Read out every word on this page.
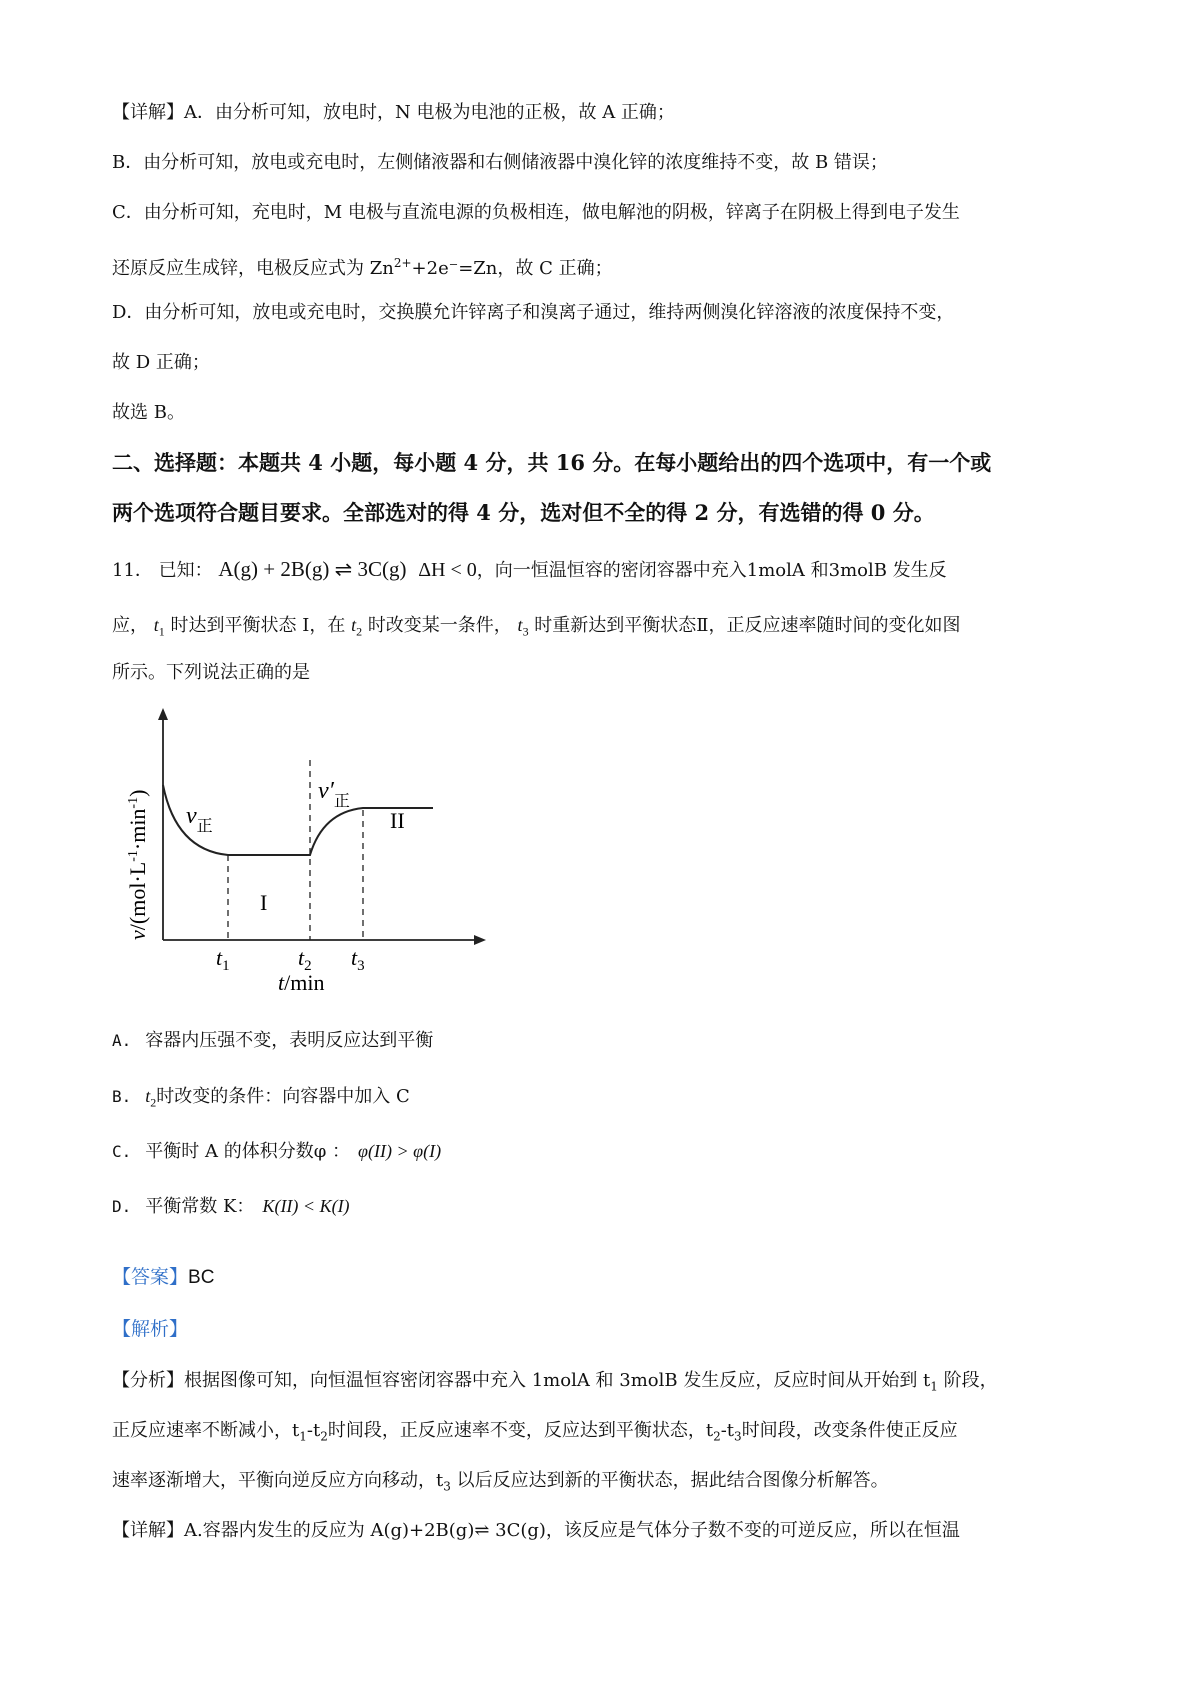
【详解】A．由分析可知，放电时，N 电极为电池的正极，故 A 正确；
B．由分析可知，放电或充电时，左侧储液器和右侧储液器中溴化锌的浓度维持不变，故 B 错误；
C．由分析可知，充电时，M 电极与直流电源的负极相连，做电解池的阴极，锌离子在阴极上得到电子发生
还原反应生成锌，电极反应式为 $Zn^{2+}+2e^-=Zn$，故 C 正确；
D．由分析可知，放电或充电时，交换膜允许锌离子和溴离子通过，维持两侧溴化锌溶液的浓度保持不变，
故 D 正确；
故选 B。
二、选择题：本题共 4 小题，每小题 4 分，共 16 分。在每小题给出的四个选项中，有一个或
两个选项符合题目要求。全部选对的得 4 分，选对但不全的得 2 分，有选错的得 0 分。
11． 已知： A(g) + 2B(g) ⇌ 3C(g) ΔH < 0，向一恒温恒容的密闭容器中充入1molA 和3molB 发生反
应， $t_1$ 时达到平衡状态 I，在 $t_2$ 时改变某一条件， $t_3$ 时重新达到平衡状态Ⅱ，正反应速率随时间的变化如图
所示。下列说法正确的是
$v_正$
$v'_正$
I
II
$t_1$	$t_2$ $t_3$
t/min
$v/(mol\cdot L^{-1}\cdot\min^{-1})$
A. 容器内压强不变，表明反应达到平衡
B. $t_2$时改变的条件：向容器中加入 C
C. 平衡时 A 的体积分数φ ： φ(II) > φ(I)
D. 平衡常数 K： K(II) < K(I)
【答案】BC
【解析】
【分析】根据图像可知，向恒温恒容密闭容器中充入 1molA 和 3molB 发生反应，反应时间从开始到 $t_1$ 阶段，
正反应速率不断减小，$t_1-t_2$时间段，正反应速率不变，反应达到平衡状态，$t_2-t_3$时间段，改变条件使正反应
速率逐渐增大，平衡向逆反应方向移动，$t_3$ 以后反应达到新的平衡状态，据此结合图像分析解答。
【详解】A.容器内发生的反应为 A(g)+2B(g)⇌ 3C(g)，该反应是气体分子数不变的可逆反应，所以在恒温
